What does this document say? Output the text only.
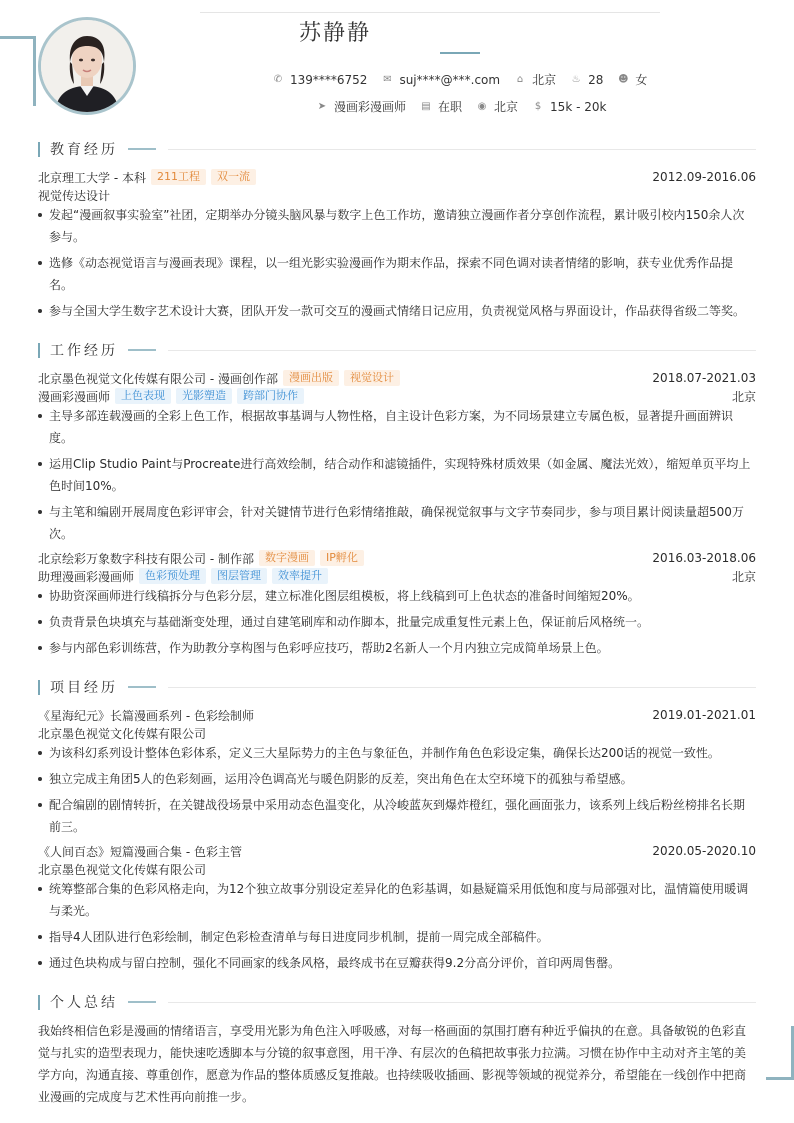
苏静静
✆ 139****6752 ✉ suj****@***.com ⌂ 北京 ♨ 28 ☻ 女
➤ 漫画彩漫画师 ▤ 在职 ◉ 北京 $ 15k - 20k
教育经历
北京理工大学 - 本科	211工程	双一流	2012.09-2016.06
视觉传达设计
发起“漫画叙事实验室”社团，定期举办分镜头脑风暴与数字上色工作坊，邀请独立漫画作者分享创作流程，累计吸引校内150余人次参与。
选修《动态视觉语言与漫画表现》课程，以一组光影实验漫画作为期末作品，探索不同色调对读者情绪的影响，获专业优秀作品提名。
参与全国大学生数字艺术设计大赛，团队开发一款可交互的漫画式情绪日记应用，负责视觉风格与界面设计，作品获得省级二等奖。
工作经历
北京墨色视觉文化传媒有限公司 - 漫画创作部	漫画出版	视觉设计	2018.07-2021.03
漫画彩漫画师	上色表现	光影塑造	跨部门协作	北京
主导多部连载漫画的全彩上色工作，根据故事基调与人物性格，自主设计色彩方案，为不同场景建立专属色板，显著提升画面辨识度。
运用Clip Studio Paint与Procreate进行高效绘制，结合动作和滤镜插件，实现特殊材质效果（如金属、魔法光效），缩短单页平均上色时间10%。
与主笔和编剧开展周度色彩评审会，针对关键情节进行色彩情绪推敲，确保视觉叙事与文字节奏同步，参与项目累计阅读量超500万次。
北京绘彩万象数字科技有限公司 - 制作部	数字漫画	IP孵化	2016.03-2018.06
助理漫画彩漫画师	色彩预处理	图层管理	效率提升	北京
协助资深画师进行线稿拆分与色彩分层，建立标准化图层组模板，将上线稿到可上色状态的准备时间缩短20%。
负责背景色块填充与基础渐变处理，通过自建笔刷库和动作脚本，批量完成重复性元素上色，保证前后风格统一。
参与内部色彩训练营，作为助教分享构图与色彩呼应技巧，帮助2名新人一个月内独立完成简单场景上色。
项目经历
《星海纪元》长篇漫画系列 - 色彩绘制师	2019.01-2021.01
北京墨色视觉文化传媒有限公司
为该科幻系列设计整体色彩体系，定义三大星际势力的主色与象征色，并制作角色色彩设定集，确保长达200话的视觉一致性。
独立完成主角团5人的色彩刻画，运用冷色调高光与暖色阴影的反差，突出角色在太空环境下的孤独与希望感。
配合编剧的剧情转折，在关键战役场景中采用动态色温变化，从冷峻蓝灰到爆炸橙红，强化画面张力，该系列上线后粉丝榜排名长期前三。
《人间百态》短篇漫画合集 - 色彩主管	2020.05-2020.10
北京墨色视觉文化传媒有限公司
统筹整部合集的色彩风格走向，为12个独立故事分别设定差异化的色彩基调，如悬疑篇采用低饱和度与局部强对比，温情篇使用暖调与柔光。
指导4人团队进行色彩绘制，制定色彩检查清单与每日进度同步机制，提前一周完成全部稿件。
通过色块构成与留白控制，强化不同画家的线条风格，最终成书在豆瓣获得9.2分高分评价，首印两周售罄。
个人总结
我始终相信色彩是漫画的情绪语言，享受用光影为角色注入呼吸感，对每一格画面的氛围打磨有种近乎偏执的在意。具备敏锐的色彩直觉与扎实的造型表现力，能快速吃透脚本与分镜的叙事意图，用干净、有层次的色稿把故事张力拉满。习惯在协作中主动对齐主笔的美学方向，沟通直接、尊重创作，愿意为作品的整体质感反复推敲。也持续吸收插画、影视等领域的视觉养分，希望能在一线创作中把商业漫画的完成度与艺术性再向前推一步。
